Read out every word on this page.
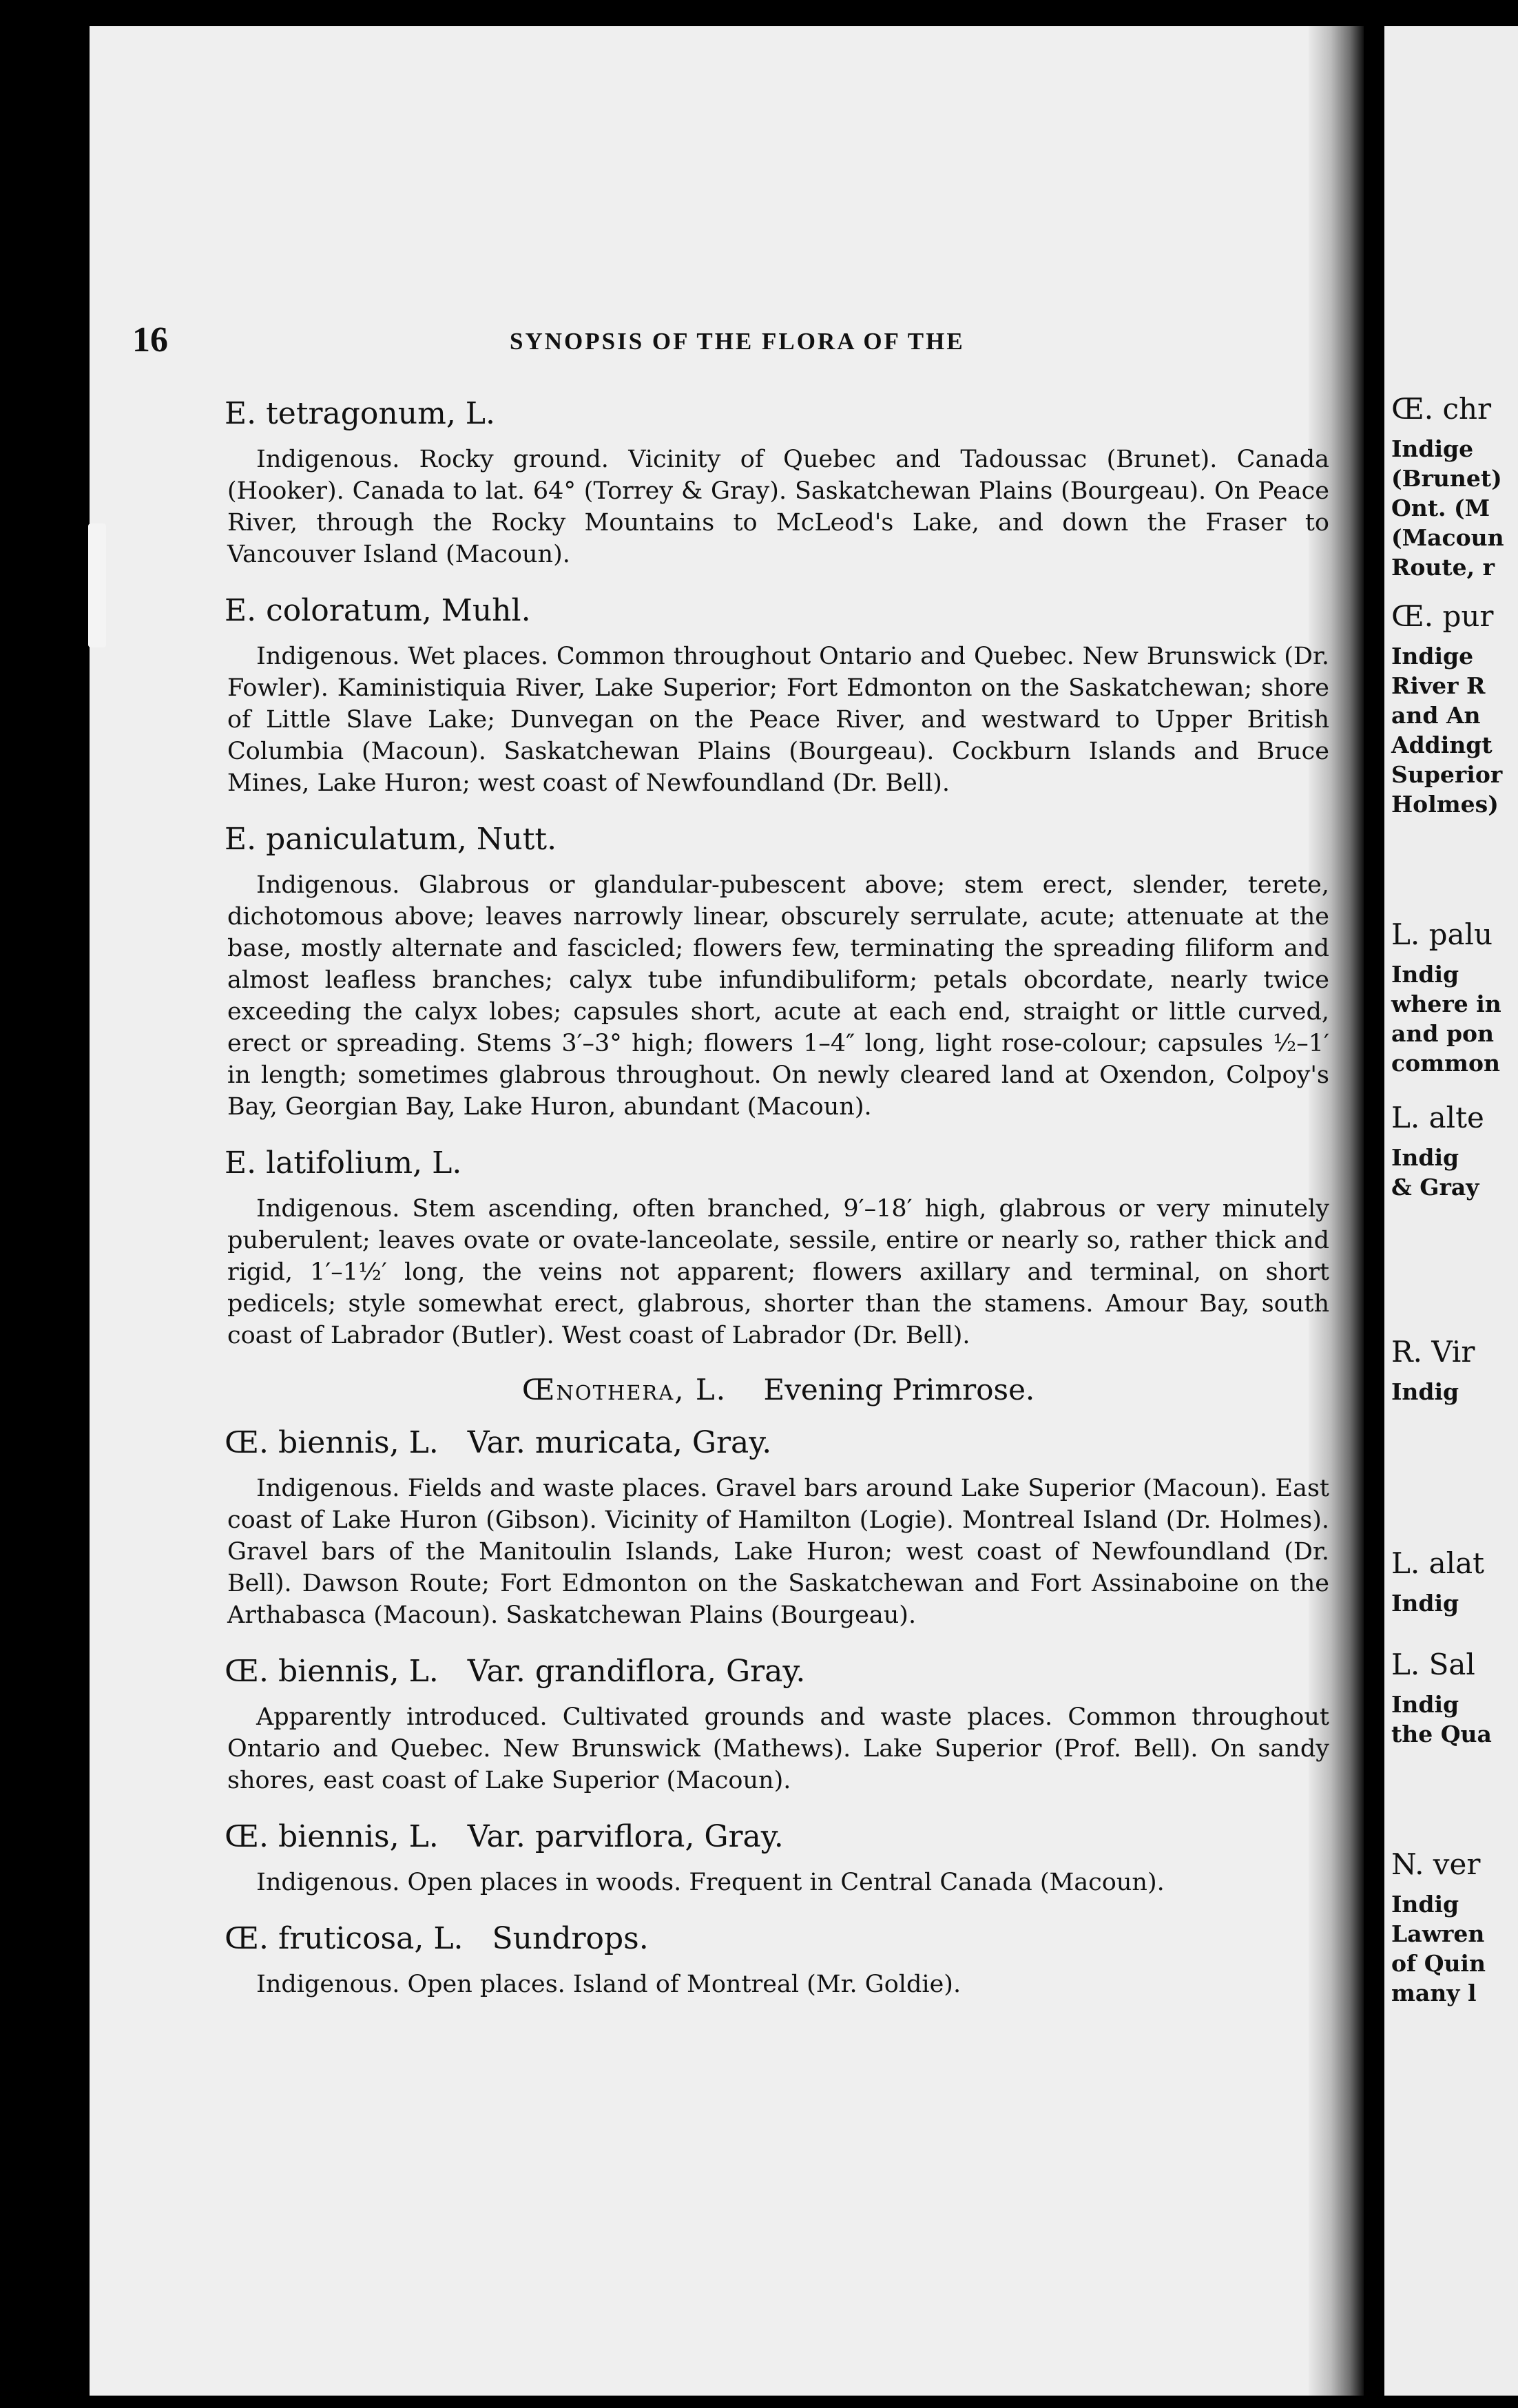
Œ. chr

Indige

(Brunet)

Ont. (M

(Macoun

Route, r

Œ. pur

Indige

River R

and An

Addingt

Superior

Holmes)

L. palu

Indig

where in

and pon

common

L. alte

Indig

& Gray

R. Vir

Indig

L. alat

Indig

L. Sal

Indig

the Qua

N. ver

Indig

Lawren

of Quin

many l

16	SYNOPSIS OF THE FLORA OF THE
E. tetragonum, L.

Indigenous. Rocky ground. Vicinity of Quebec and Tadoussac (Brunet). Canada (Hooker). Canada to lat. 64° (Torrey & Gray). Saskatchewan Plains (Bourgeau). On Peace River, through the Rocky Mountains to McLeod's Lake, and down the Fraser to Vancouver Island (Macoun).

E. coloratum, Muhl.

Indigenous. Wet places. Common throughout Ontario and Quebec. New Brunswick (Dr. Fowler). Kaministiquia River, Lake Superior; Fort Edmonton on the Saskatchewan; shore of Little Slave Lake; Dunvegan on the Peace River, and westward to Upper British Columbia (Macoun). Saskatchewan Plains (Bourgeau). Cockburn Islands and Bruce Mines, Lake Huron; west coast of Newfoundland (Dr. Bell).

E. paniculatum, Nutt.

Indigenous. Glabrous or glandular-pubescent above; stem erect, slender, terete, dichotomous above; leaves narrowly linear, obscurely serrulate, acute; attenuate at the base, mostly alternate and fascicled; flowers few, terminating the spreading filiform and almost leafless branches; calyx tube infundibuliform; petals obcordate, nearly twice exceeding the calyx lobes; capsules short, acute at each end, straight or little curved, erect or spreading. Stems 3′–3° high; flowers 1–4″ long, light rose-colour; capsules ½–1′ in length; sometimes glabrous throughout. On newly cleared land at Oxendon, Colpoy's Bay, Georgian Bay, Lake Huron, abundant (Macoun).

E. latifolium, L.

Indigenous. Stem ascending, often branched, 9′–18′ high, glabrous or very minutely puberulent; leaves ovate or ovate-lanceolate, sessile, entire or nearly so, rather thick and rigid, 1′–1½′ long, the veins not apparent; flowers axillary and terminal, on short pedicels; style somewhat erect, glabrous, shorter than the stamens. Amour Bay, south coast of Labrador (Butler). West coast of Labrador (Dr. Bell).

Œnothera, L. Evening Primrose.
Œ. biennis, L.   Var. muricata, Gray.

Indigenous. Fields and waste places. Gravel bars around Lake Superior (Macoun). East coast of Lake Huron (Gibson). Vicinity of Hamilton (Logie). Montreal Island (Dr. Holmes). Gravel bars of the Manitoulin Islands, Lake Huron; west coast of Newfoundland (Dr. Bell). Dawson Route; Fort Edmonton on the Saskatchewan and Fort Assinaboine on the Arthabasca (Macoun). Saskatchewan Plains (Bourgeau).

Œ. biennis, L.   Var. grandiflora, Gray.

Apparently introduced. Cultivated grounds and waste places. Common throughout Ontario and Quebec. New Brunswick (Mathews). Lake Superior (Prof. Bell). On sandy shores, east coast of Lake Superior (Macoun).

Œ. biennis, L.   Var. parviflora, Gray.

Indigenous. Open places in woods. Frequent in Central Canada (Macoun).

Œ. fruticosa, L.   Sundrops.

Indigenous. Open places. Island of Montreal (Mr. Goldie).
